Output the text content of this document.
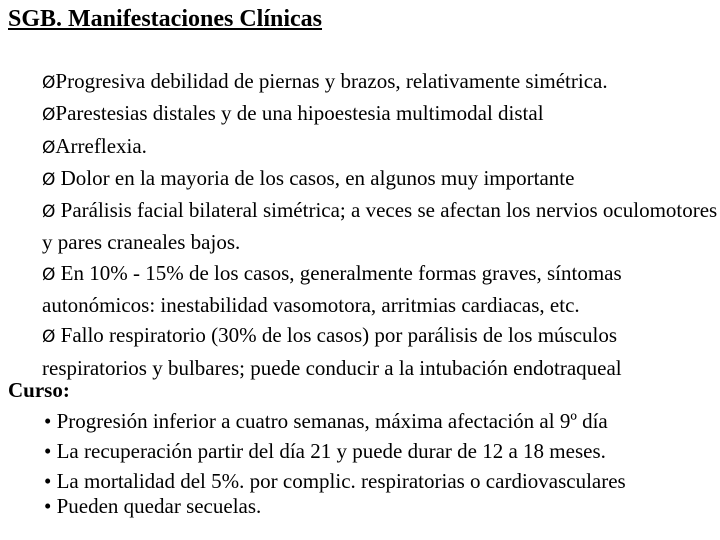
SGB. Manifestaciones Clínicas
ØProgresiva debilidad de piernas y brazos, relativamente simétrica.
ØParestesias distales y de una hipoestesia multimodal distal
ØArreflexia.
Ø Dolor en la mayoria de los casos, en algunos muy importante
Ø Parálisis facial bilateral simétrica; a veces se afectan los nervios oculomotores y pares craneales bajos.
Ø En 10% - 15% de los casos, generalmente formas graves, síntomas autonómicos: inestabilidad vasomotora, arritmias cardiacas, etc.
Ø Fallo respiratorio (30% de los casos) por parálisis de los músculos respiratorios y bulbares; puede conducir a la intubación endotraqueal
Curso:
• Progresión inferior a cuatro semanas, máxima afectación al 9º día
• La recuperación partir del día 21 y puede durar de 12 a 18 meses.
• La mortalidad del 5%. por complic. respiratorias o cardiovasculares
• Pueden quedar secuelas.
